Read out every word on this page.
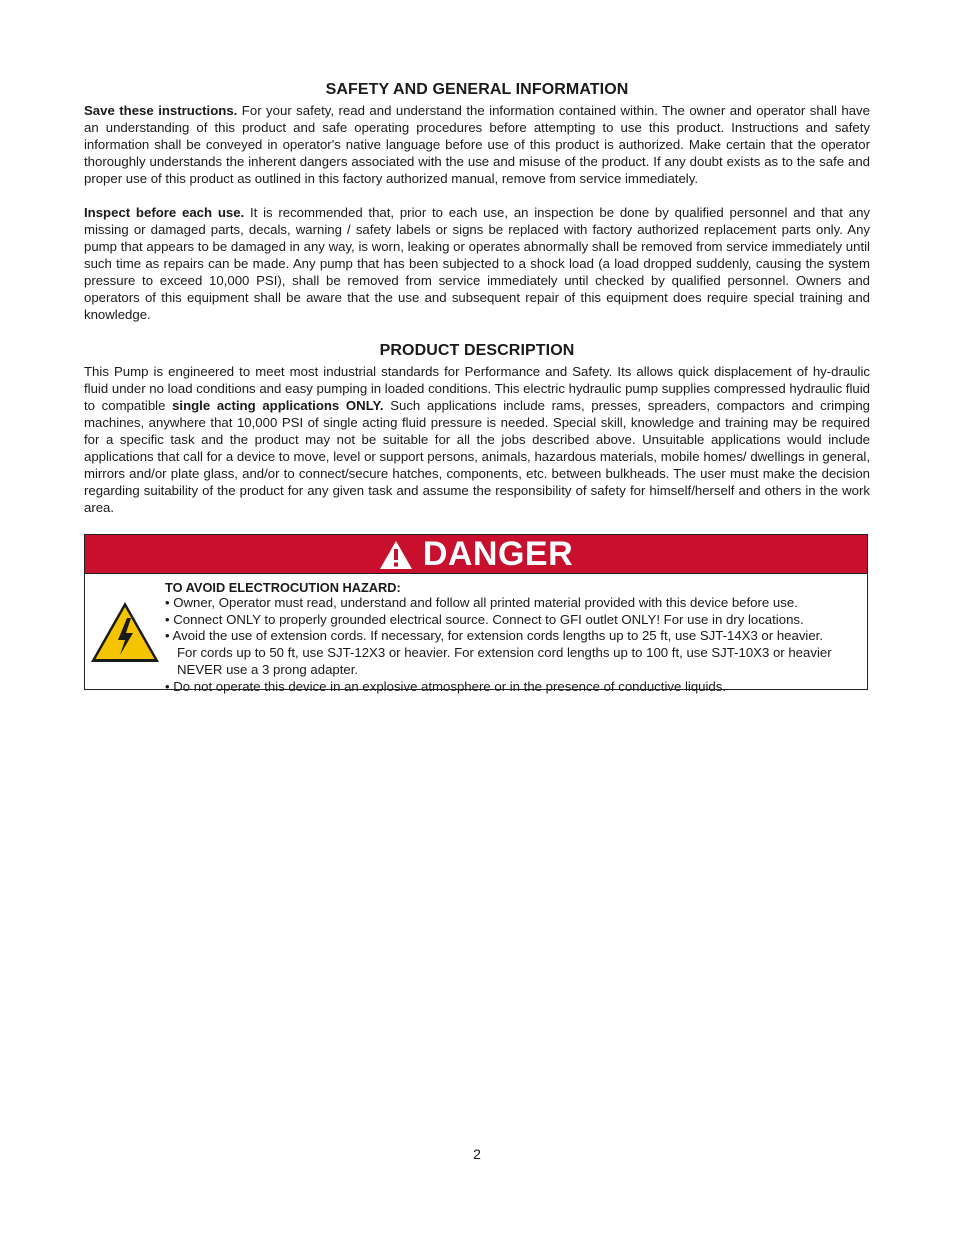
SAFETY AND GENERAL INFORMATION

Save these instructions. For your safety, read and understand the information contained within. The owner and operator shall have an understanding of this product and safe operating procedures before attempting to use this product. Instructions and safety information shall be conveyed in operator's native language before use of this product is authorized. Make certain that the operator thoroughly understands the inherent dangers associated with the use and misuse of the product. If any doubt exists as to the safe and proper use of this product as outlined in this factory authorized manual, remove from service immediately.

Inspect before each use. It is recommended that, prior to each use, an inspection be done by qualified personnel and that any missing or damaged parts, decals, warning / safety labels or signs be replaced with factory authorized replacement parts only. Any pump that appears to be damaged in any way, is worn, leaking or operates abnormally shall be removed from service immediately until such time as repairs can be made. Any pump that has been subjected to a shock load (a load dropped suddenly, causing the system pressure to exceed 10,000 PSI), shall be removed from service immediately until checked by qualified personnel. Owners and operators of this equipment shall be aware that the use and subsequent repair of this equipment does require special training and knowledge.

PRODUCT DESCRIPTION

This Pump is engineered to meet most industrial standards for Performance and Safety. Its allows quick displacement of hy-draulic fluid under no load conditions and easy pumping in loaded conditions. This electric hydraulic pump supplies compressed hydraulic fluid to compatible single acting applications ONLY. Such applications include rams, presses, spreaders, compactors and crimping machines, anywhere that 10,000 PSI of single acting fluid pressure is needed. Special skill, knowledge and training may be required for a specific task and the product may not be suitable for all the jobs described above. Unsuitable applications would include applications that call for a device to move, level or support persons, animals, hazardous materials, mobile homes/ dwellings in general, mirrors and/or plate glass, and/or to connect/secure hatches, components, etc. between bulkheads. The user must make the decision regarding suitability of the product for any given task and assume the responsibility of safety for himself/herself and others in the work area.

DANGER
TO AVOID ELECTROCUTION HAZARD:
• Owner, Operator must read, understand and follow all printed material provided with this device before use.
• Connect ONLY to properly grounded electrical source. Connect to GFI outlet ONLY! For use in dry locations.
• Avoid the use of extension cords. If necessary, for extension cords lengths up to 25 ft, use SJT-14X3 or heavier.
For cords up to 50 ft, use SJT-12X3 or heavier. For extension cord lengths up to 100 ft, use SJT-10X3 or heavier
NEVER use a 3 prong adapter.
• Do not operate this device in an explosive atmosphere or in the presence of conductive liquids.
2
